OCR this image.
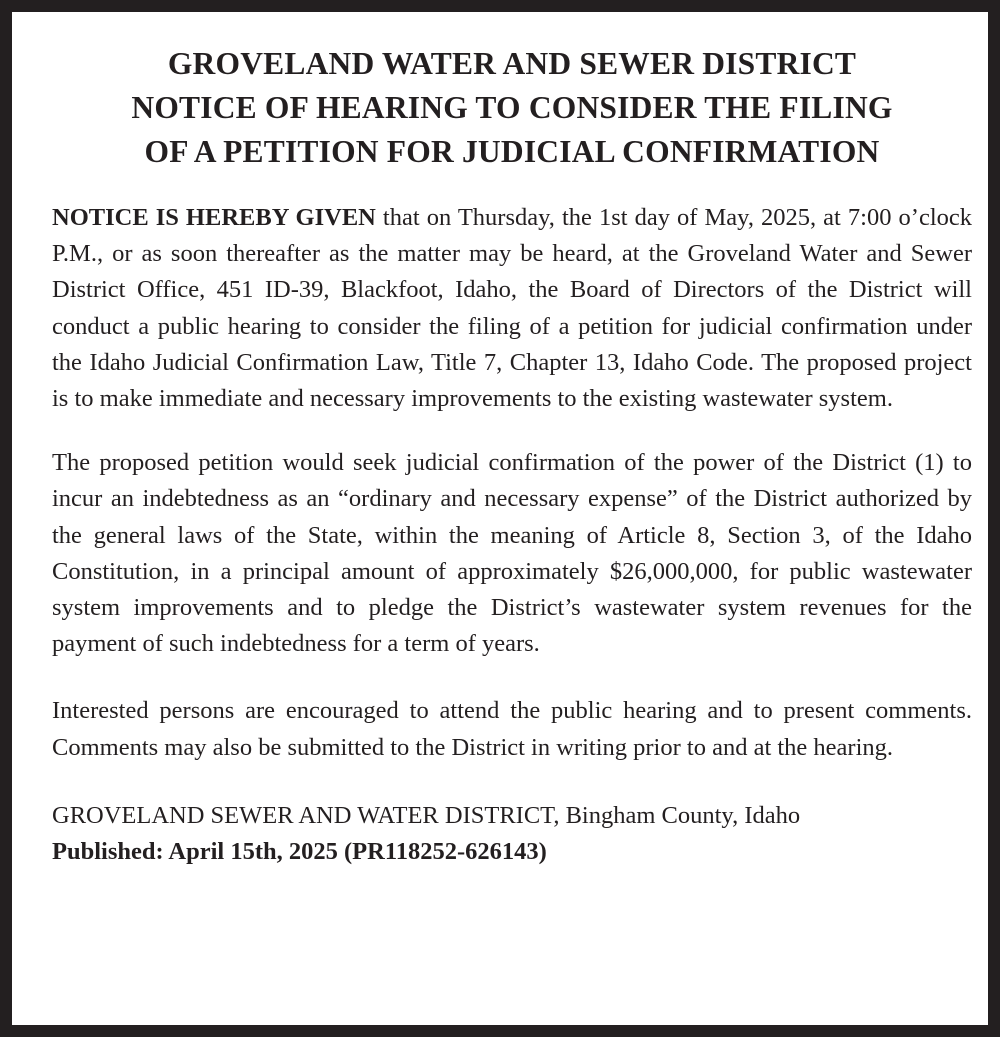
GROVELAND WATER AND SEWER DISTRICT
NOTICE OF HEARING TO CONSIDER THE FILING
OF A PETITION FOR JUDICIAL CONFIRMATION

NOTICE IS HEREBY GIVEN that on Thursday, the 1st day of May, 2025, at 7:00 o’clock P.M., or as soon thereafter as the matter may be heard, at the Groveland Water and Sewer District Office, 451 ID-39, Blackfoot, Idaho, the Board of Directors of the District will conduct a public hearing to consider the filing of a petition for judicial confirmation under the Idaho Judicial Confirmation Law, Title 7, Chapter 13, Idaho Code. The proposed project is to make immediate and necessary improvements to the existing wastewater system.

The proposed petition would seek judicial confirmation of the power of the District (1) to incur an indebtedness as an “ordinary and necessary expense” of the District authorized by the general laws of the State, within the meaning of Article 8, Section 3, of the Idaho Constitution, in a principal amount of approximately $26,000,000, for public wastewater system improvements and to pledge the District’s wastewater system revenues for the payment of such indebtedness for a term of years.

Interested persons are encouraged to attend the public hearing and to present comments. Comments may also be submitted to the District in writing prior to and at the hearing.

GROVELAND SEWER AND WATER DISTRICT, Bingham County, Idaho
Published: April 15th, 2025 (PR118252-626143)
